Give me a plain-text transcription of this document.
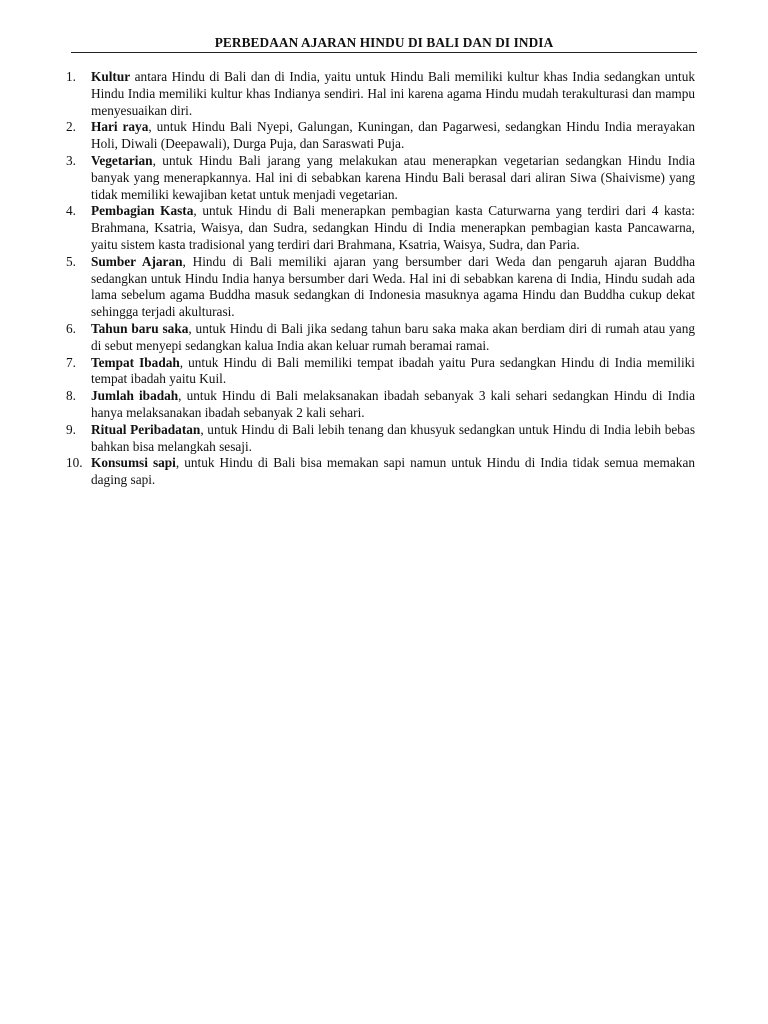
PERBEDAAN AJARAN HINDU DI BALI DAN DI INDIA
1. Kultur antara Hindu di Bali dan di India, yaitu untuk Hindu Bali memiliki kultur khas India sedangkan untuk Hindu India memiliki kultur khas Indianya sendiri. Hal ini karena agama Hindu mudah terakulturasi dan mampu menyesuaikan diri.
2. Hari raya, untuk Hindu Bali Nyepi, Galungan, Kuningan, dan Pagarwesi, sedangkan Hindu India merayakan Holi, Diwali (Deepawali), Durga Puja, dan Saraswati Puja.
3. Vegetarian, untuk Hindu Bali jarang yang melakukan atau menerapkan vegetarian sedangkan Hindu India banyak yang menerapkannya. Hal ini di sebabkan karena Hindu Bali berasal dari aliran Siwa (Shaivisme) yang tidak memiliki kewajiban ketat untuk menjadi vegetarian.
4. Pembagian Kasta, untuk Hindu di Bali menerapkan pembagian kasta Caturwarna yang terdiri dari 4 kasta: Brahmana, Ksatria, Waisya, dan Sudra, sedangkan Hindu di India menerapkan pembagian kasta Pancawarna, yaitu sistem kasta tradisional yang terdiri dari Brahmana, Ksatria, Waisya, Sudra, dan Paria.
5. Sumber Ajaran, Hindu di Bali memiliki ajaran yang bersumber dari Weda dan pengaruh ajaran Buddha sedangkan untuk Hindu India hanya bersumber dari Weda. Hal ini di sebabkan karena di India, Hindu sudah ada lama sebelum agama Buddha masuk sedangkan di Indonesia masuknya agama Hindu dan Buddha cukup dekat sehingga terjadi akulturasi.
6. Tahun baru saka, untuk Hindu di Bali jika sedang tahun baru saka maka akan berdiam diri di rumah atau yang di sebut menyepi sedangkan kalua India akan keluar rumah beramai ramai.
7. Tempat Ibadah, untuk Hindu di Bali memiliki tempat ibadah yaitu Pura sedangkan Hindu di India memiliki tempat ibadah yaitu Kuil.
8. Jumlah ibadah, untuk Hindu di Bali melaksanakan ibadah sebanyak 3 kali sehari sedangkan Hindu di India hanya melaksanakan ibadah sebanyak 2 kali sehari.
9. Ritual Peribadatan, untuk Hindu di Bali lebih tenang dan khusyuk sedangkan untuk Hindu di India lebih bebas bahkan bisa melangkah sesaji.
10. Konsumsi sapi, untuk Hindu di Bali bisa memakan sapi namun untuk Hindu di India tidak semua memakan daging sapi.
